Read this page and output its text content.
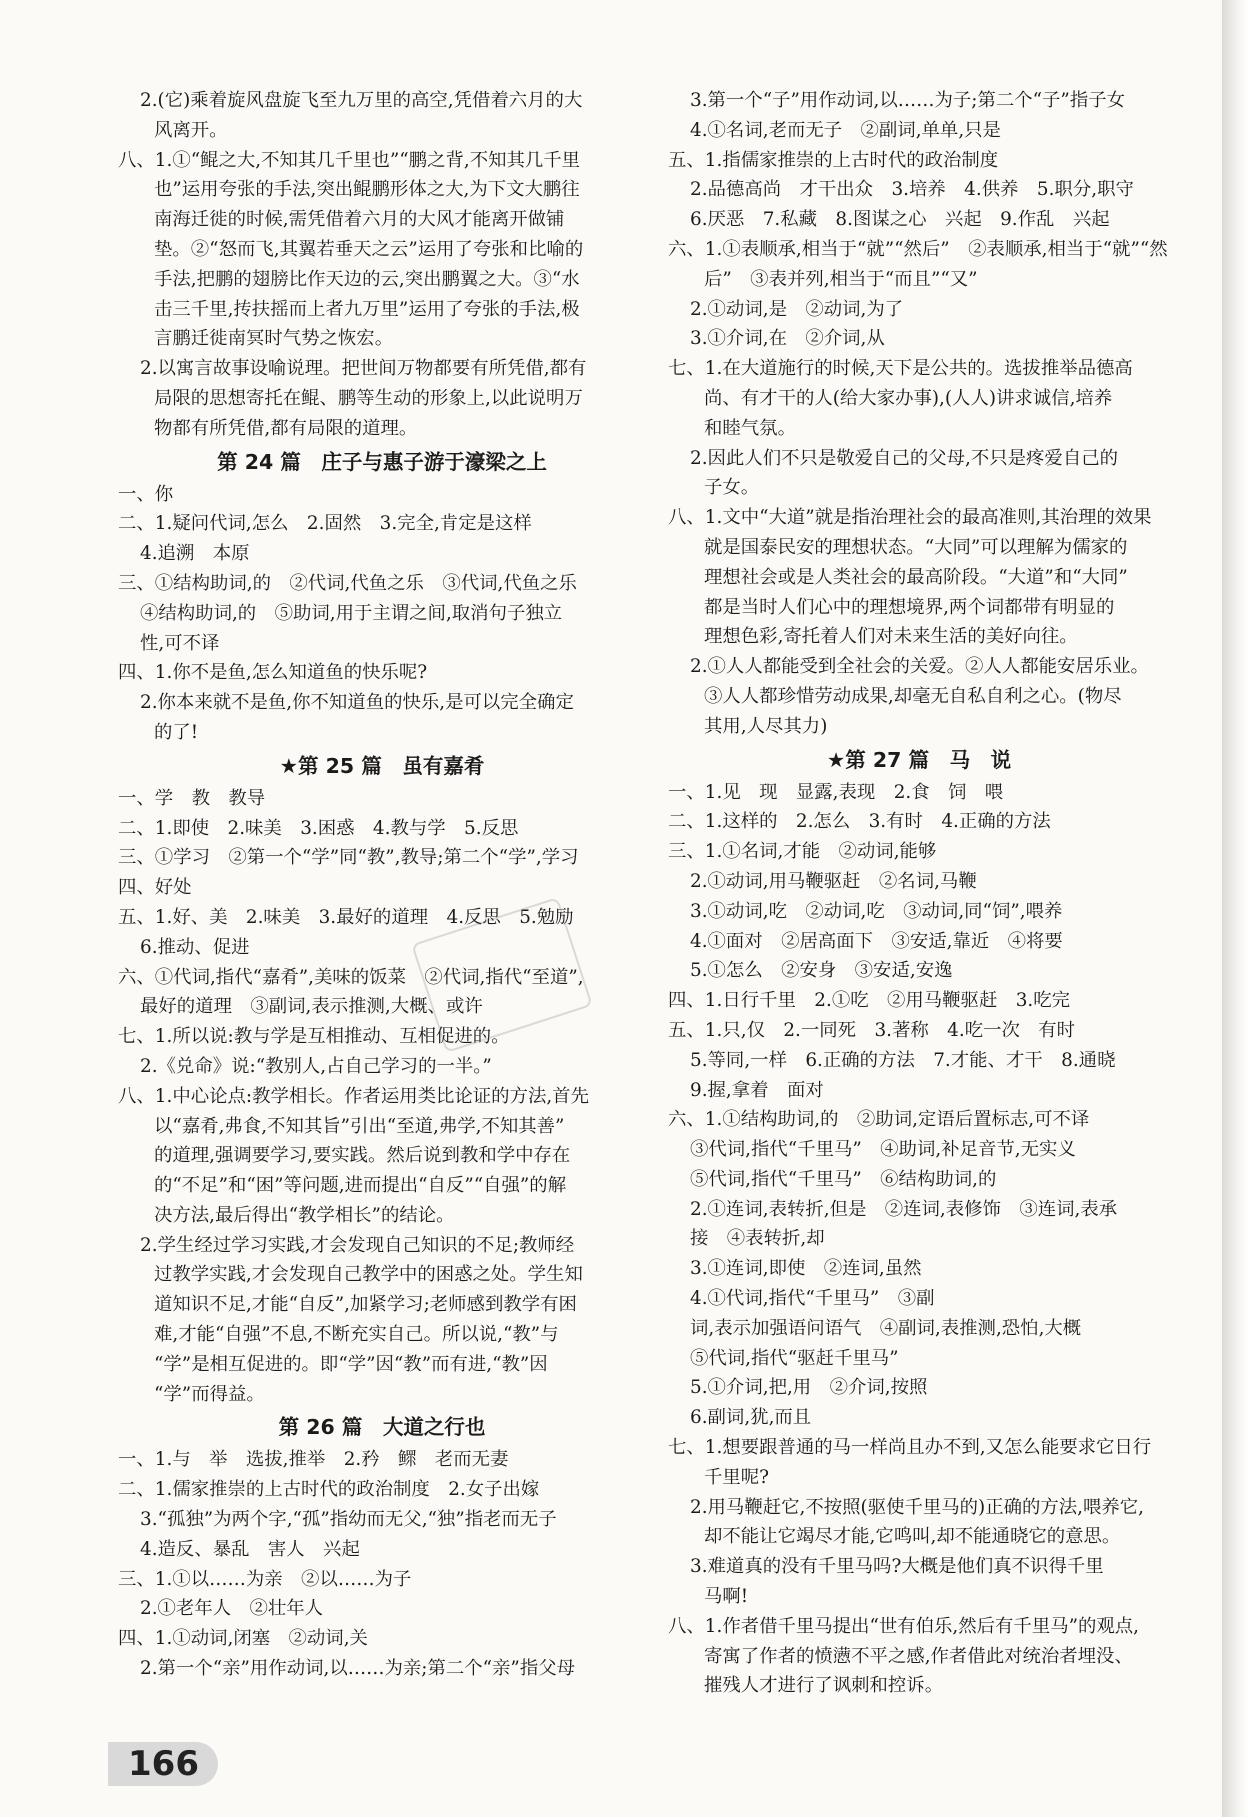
2.(它)乘着旋风盘旋飞至九万里的高空,凭借着六月的大
风离开。
八、1.①“鲲之大,不知其几千里也”“鹏之背,不知其几千里
也”运用夸张的手法,突出鲲鹏形体之大,为下文大鹏往
南海迁徙的时候,需凭借着六月的大风才能离开做铺
垫。②“怒而飞,其翼若垂天之云”运用了夸张和比喻的
手法,把鹏的翅膀比作天边的云,突出鹏翼之大。③“水
击三千里,抟扶摇而上者九万里”运用了夸张的手法,极
言鹏迁徙南冥时气势之恢宏。
2.以寓言故事设喻说理。把世间万物都要有所凭借,都有
局限的思想寄托在鲲、鹏等生动的形象上,以此说明万
物都有所凭借,都有局限的道理。
第 24 篇　庄子与惠子游于濠梁之上
一、你
二、1.疑问代词,怎么　2.固然　3.完全,肯定是这样
4.追溯　本原
三、①结构助词,的　②代词,代鱼之乐　③代词,代鱼之乐
④结构助词,的　⑤助词,用于主谓之间,取消句子独立
性,可不译
四、1.你不是鱼,怎么知道鱼的快乐呢?
2.你本来就不是鱼,你不知道鱼的快乐,是可以完全确定
的了!
★第 25 篇　虽有嘉肴
一、学　教　教导
二、1.即使　2.味美　3.困惑　4.教与学　5.反思
三、①学习　②第一个“学”同“教”,教导;第二个“学”,学习
四、好处
五、1.好、美　2.味美　3.最好的道理　4.反思　5.勉励
6.推动、促进
六、①代词,指代“嘉肴”,美味的饭菜　②代词,指代“至道”,
最好的道理　③副词,表示推测,大概、或许
七、1.所以说:教与学是互相推动、互相促进的。
2.《兑命》说:“教别人,占自己学习的一半。”
八、1.中心论点:教学相长。作者运用类比论证的方法,首先
以“嘉肴,弗食,不知其旨”引出“至道,弗学,不知其善”
的道理,强调要学习,要实践。然后说到教和学中存在
的“不足”和“困”等问题,进而提出“自反”“自强”的解
决方法,最后得出“教学相长”的结论。
2.学生经过学习实践,才会发现自己知识的不足;教师经
过教学实践,才会发现自己教学中的困惑之处。学生知
道知识不足,才能“自反”,加紧学习;老师感到教学有困
难,才能“自强”不息,不断充实自己。所以说,“教”与
“学”是相互促进的。即“学”因“教”而有进,“教”因
“学”而得益。
第 26 篇　大道之行也
一、1.与　举　选拔,推举　2.矜　鳏　老而无妻
二、1.儒家推崇的上古时代的政治制度　2.女子出嫁
3.“孤独”为两个字,“孤”指幼而无父,“独”指老而无子
4.造反、暴乱　害人　兴起
三、1.①以……为亲　②以……为子
2.①老年人　②壮年人
四、1.①动词,闭塞　②动词,关
2.第一个“亲”用作动词,以……为亲;第二个“亲”指父母
3.第一个“子”用作动词,以……为子;第二个“子”指子女
4.①名词,老而无子　②副词,单单,只是
五、1.指儒家推崇的上古时代的政治制度
2.品德高尚　才干出众　3.培养　4.供养　5.职分,职守
6.厌恶　7.私藏　8.图谋之心　兴起　9.作乱　兴起
六、1.①表顺承,相当于“就”“然后”　②表顺承,相当于“就”“然
后”　③表并列,相当于“而且”“又”
2.①动词,是　②动词,为了
3.①介词,在　②介词,从
七、1.在大道施行的时候,天下是公共的。选拔推举品德高
尚、有才干的人(给大家办事),(人人)讲求诚信,培养
和睦气氛。
2.因此人们不只是敬爱自己的父母,不只是疼爱自己的
子女。
八、1.文中“大道”就是指治理社会的最高准则,其治理的效果
就是国泰民安的理想状态。“大同”可以理解为儒家的
理想社会或是人类社会的最高阶段。“大道”和“大同”
都是当时人们心中的理想境界,两个词都带有明显的
理想色彩,寄托着人们对未来生活的美好向往。
2.①人人都能受到全社会的关爱。②人人都能安居乐业。
③人人都珍惜劳动成果,却毫无自私自利之心。(物尽
其用,人尽其力)
★第 27 篇　马　说
一、1.见　现　显露,表现　2.食　饲　喂
二、1.这样的　2.怎么　3.有时　4.正确的方法
三、1.①名词,才能　②动词,能够
2.①动词,用马鞭驱赶　②名词,马鞭
3.①动词,吃　②动词,吃　③动词,同“饲”,喂养
4.①面对　②居高面下　③安适,靠近　④将要
5.①怎么　②安身　③安适,安逸
四、1.日行千里　2.①吃　②用马鞭驱赶　3.吃完
五、1.只,仅　2.一同死　3.著称　4.吃一次　有时
5.等同,一样　6.正确的方法　7.才能、才干　8.通晓
9.握,拿着　面对
六、1.①结构助词,的　②助词,定语后置标志,可不译
③代词,指代“千里马”　④助词,补足音节,无实义
⑤代词,指代“千里马”　⑥结构助词,的
2.①连词,表转折,但是　②连词,表修饰　③连词,表承
接　④表转折,却
3.①连词,即使　②连词,虽然
4.①代词,指代“千里马”　③副
词,表示加强语问语气　④副词,表推测,恐怕,大概
⑤代词,指代“驱赶千里马”
5.①介词,把,用　②介词,按照
6.副词,犹,而且
七、1.想要跟普通的马一样尚且办不到,又怎么能要求它日行
千里呢?
2.用马鞭赶它,不按照(驱使千里马的)正确的方法,喂养它,
却不能让它竭尽才能,它鸣叫,却不能通晓它的意思。
3.难道真的没有千里马吗?大概是他们真不识得千里
马啊!
八、1.作者借千里马提出“世有伯乐,然后有千里马”的观点,
寄寓了作者的愤懑不平之感,作者借此对统治者埋没、
摧残人才进行了讽刺和控诉。
166
